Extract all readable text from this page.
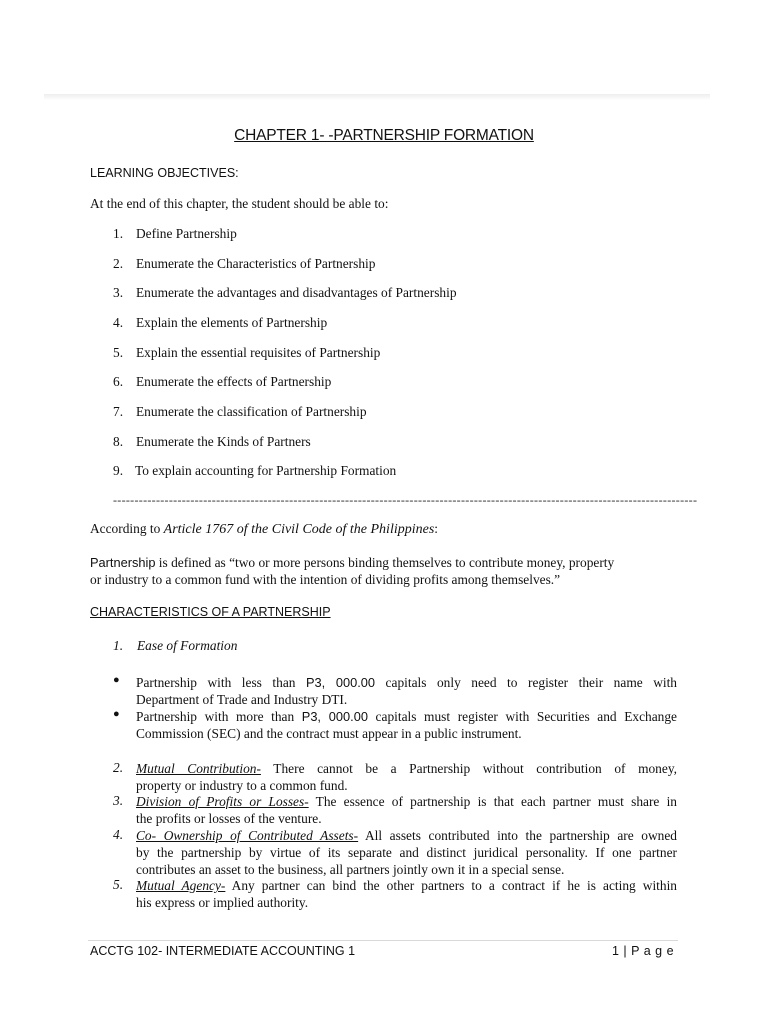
CHAPTER 1- -PARTNERSHIP FORMATION
LEARNING OBJECTIVES:
At the end of this chapter, the student should be able to:
1. Define Partnership
2. Enumerate the Characteristics of Partnership
3. Enumerate the advantages and disadvantages of Partnership
4. Explain the elements of Partnership
5. Explain the essential requisites of Partnership
6. Enumerate the effects of Partnership
7. Enumerate the classification of Partnership
8. Enumerate the Kinds of Partners
9. To explain accounting for Partnership Formation
----------------------------------------------------------------------------------------------------------------------------------------
According to Article 1767 of the Civil Code of the Philippines:
Partnership is defined as “two or more persons binding themselves to contribute money, property
or industry to a common fund with the intention of dividing profits among themselves.”
CHARACTERISTICS OF A PARTNERSHIP
1. Ease of Formation
● Partnership with less than P3, 000.00 capitals only need to register their name with
Department of Trade and Industry DTI.
● Partnership with more than P3, 000.00 capitals must register with Securities and Exchange
Commission (SEC) and the contract must appear in a public instrument.
2. Mutual Contribution- There cannot be a Partnership without contribution of money,
property or industry to a common fund.
3. Division of Profits or Losses- The essence of partnership is that each partner must share in
the profits or losses of the venture.
4. Co- Ownership of Contributed Assets- All assets contributed into the partnership are owned
by the partnership by virtue of its separate and distinct juridical personality. If one partner
contributes an asset to the business, all partners jointly own it in a special sense.
5. Mutual Agency- Any partner can bind the other partners to a contract if he is acting within
his express or implied authority.
ACCTG 102- INTERMEDIATE ACCOUNTING 1	1 | P a g e
